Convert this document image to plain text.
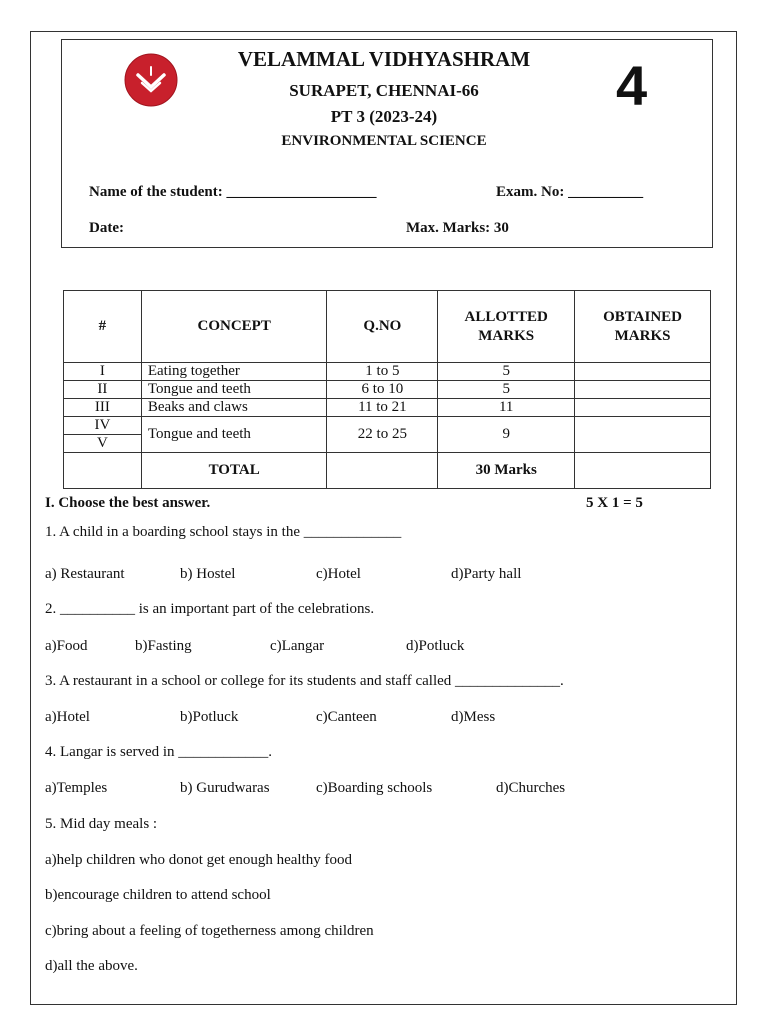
VELAMMAL VIDHYASHRAM
SURAPET, CHENNAI-66
PT 3 (2023-24)
ENVIRONMENTAL SCIENCE
4
Name of the student: ____________________	Exam. No: __________
Date:	Max. Marks: 30
#	CONCEPT	Q.NO	ALLOTTED MARKS	OBTAINED MARKS
I	Eating together	1 to 5	5	
II	Tongue and teeth	6 to 10	5	
III	Beaks and claws	11 to 21	11	
IV	Tongue and teeth	22 to 25	9	
V				
	TOTAL		30 Marks	
I. Choose the best answer.	5 X 1 = 5
1. A child in a boarding school stays in the _____________
a) Restaurant	b) Hostel	c)Hotel	d)Party hall
2. __________ is an important part of the celebrations.
a)Food	b)Fasting	c)Langar	d)Potluck
3. A restaurant in a school or college for its students and staff called ______________.
a)Hotel	b)Potluck	c)Canteen	d)Mess
4. Langar is served in ____________.
a)Temples	b) Gurudwaras	c)Boarding schools	d)Churches
5. Mid day meals :
a)help children who donot get enough healthy food
b)encourage children to attend school
c)bring about a feeling of togetherness among children
d)all the above.
